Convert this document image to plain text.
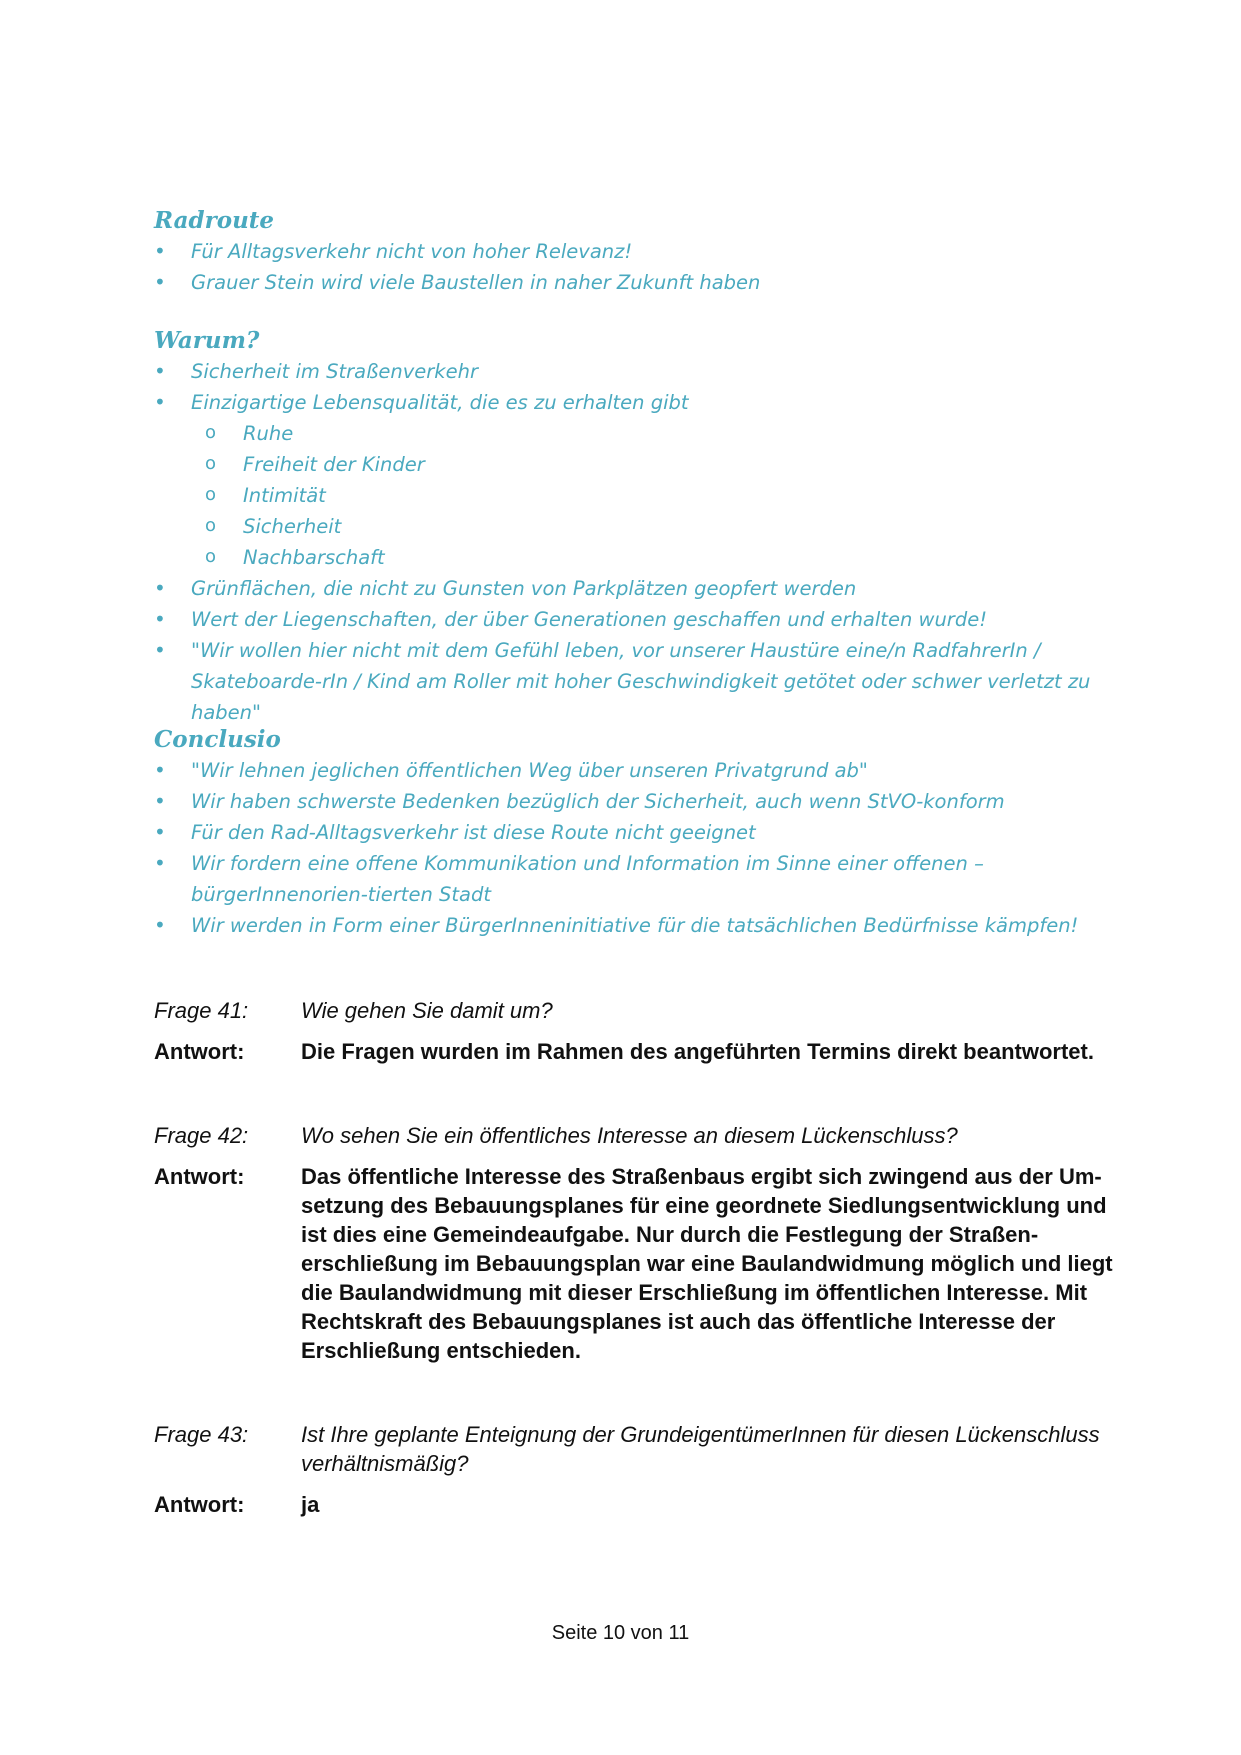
Radroute
• Für Alltagsverkehr nicht von hoher Relevanz!
• Grauer Stein wird viele Baustellen in naher Zukunft haben
Warum?
• Sicherheit im Straßenverkehr
• Einzigartige Lebensqualität, die es zu erhalten gibt
o Ruhe
o Freiheit der Kinder
o Intimität
o Sicherheit
o Nachbarschaft
• Grünflächen, die nicht zu Gunsten von Parkplätzen geopfert werden
• Wert der Liegenschaften, der über Generationen geschaffen und erhalten wurde!
• "Wir wollen hier nicht mit dem Gefühl leben, vor unserer Haustüre eine/n RadfahrerIn / Skateboarde-rIn / Kind am Roller mit hoher Geschwindigkeit getötet oder schwer verletzt zu haben"
Conclusio
• "Wir lehnen jeglichen öffentlichen Weg über unseren Privatgrund ab"
• Wir haben schwerste Bedenken bezüglich der Sicherheit, auch wenn StVO-konform
• Für den Rad-Alltagsverkehr ist diese Route nicht geeignet
• Wir fordern eine offene Kommunikation und Information im Sinne einer offenen – bürgerInnenorien-tierten Stadt
• Wir werden in Form einer BürgerInneninitiative für die tatsächlichen Bedürfnisse kämpfen!
Frage 41:	Wie gehen Sie damit um?
Antwort:	Die Fragen wurden im Rahmen des angeführten Termins direkt beantwortet.
Frage 42:	Wo sehen Sie ein öffentliches Interesse an diesem Lückenschluss?
Antwort:	Das öffentliche Interesse des Straßenbaus ergibt sich zwingend aus der Um-setzung des Bebauungsplanes für eine geordnete Siedlungsentwicklung und ist dies eine Gemeindeaufgabe. Nur durch die Festlegung der Straßen-erschließung im Bebauungsplan war eine Baulandwidmung möglich und liegt die Baulandwidmung mit dieser Erschließung im öffentlichen Interesse. Mit Rechtskraft des Bebauungsplanes ist auch das öffentliche Interesse der Erschließung entschieden.
Frage 43:	Ist Ihre geplante Enteignung der GrundeigentümerInnen für diesen Lückenschluss verhältnismäßig?
Antwort:	ja
Seite 10 von 11
